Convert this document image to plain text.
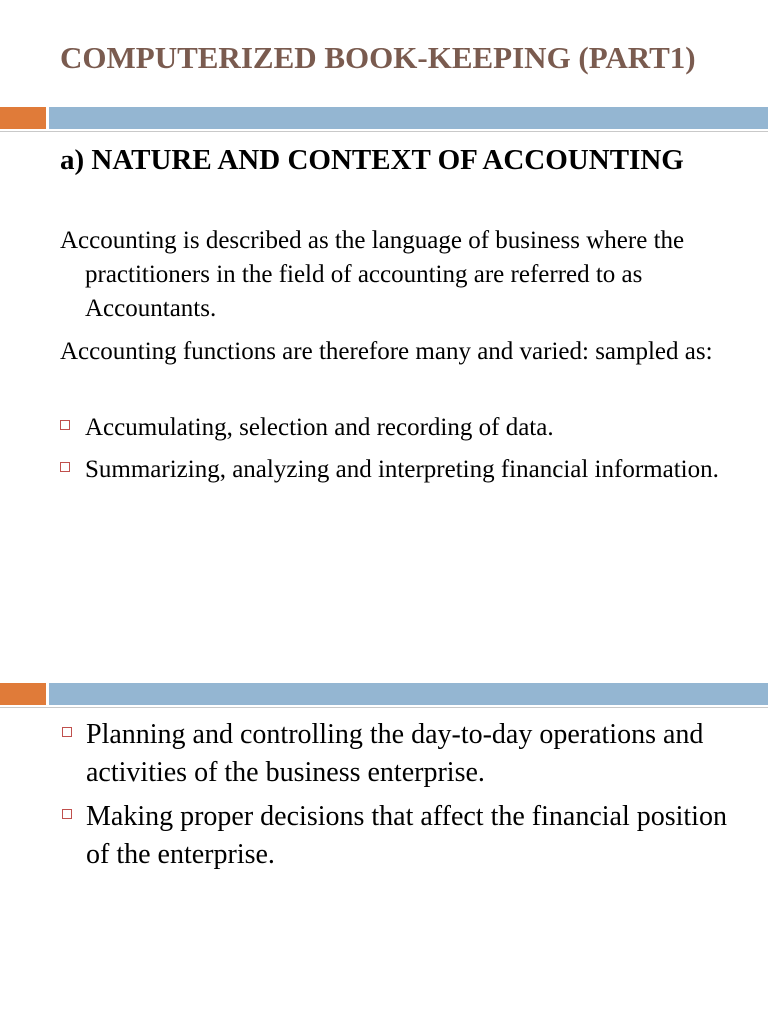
COMPUTERIZED BOOK-KEEPING (PART1)
a) NATURE AND CONTEXT OF ACCOUNTING
Accounting is described as the language of business where the practitioners in the field of accounting are referred to as Accountants.
Accounting functions are therefore many and varied: sampled as:
Accumulating, selection and recording of data.
Summarizing, analyzing and interpreting financial information.
Planning and controlling the day-to-day operations and activities of the business enterprise.
Making proper decisions that affect the financial position of the enterprise.
